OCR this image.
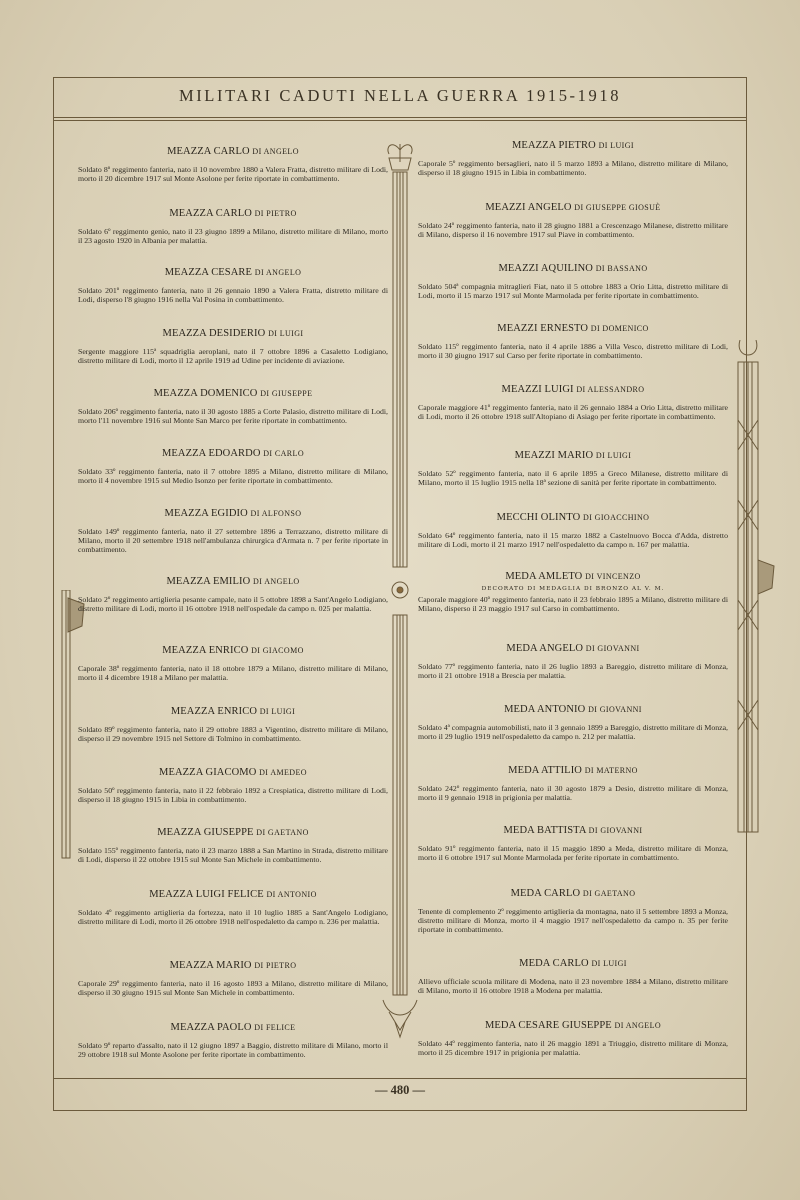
MILITARI CADUTI NELLA GUERRA 1915-1918
MEAZZA CARLO DI ANGELO
Soldato 8º reggimento fanteria, nato il 10 novembre 1880 a Valera Fratta, distretto militare di Lodi, morto il 20 dicembre 1917 sul Monte Asolone per ferite riportate in combattimento.
MEAZZA CARLO DI PIETRO
Soldato 6º reggimento genio, nato il 23 giugno 1899 a Milano, distretto militare di Milano, morto il 23 agosto 1920 in Albania per malattia.
MEAZZA CESARE DI ANGELO
Soldato 201º reggimento fanteria, nato il 26 gennaio 1890 a Valera Fratta, distretto militare di Lodi, disperso l'8 giugno 1916 nella Val Posina in combattimento.
MEAZZA DESIDERIO DI LUIGI
Sergente maggiore 115ª squadriglia aeroplani, nato il 7 ottobre 1896 a Casaletto Lodigiano, distretto militare di Lodi, morto il 12 aprile 1919 ad Udine per incidente di aviazione.
MEAZZA DOMENICO DI GIUSEPPE
Soldato 206º reggimento fanteria, nato il 30 agosto 1885 a Corte Palasio, distretto militare di Lodi, morto l'11 novembre 1916 sul Monte San Marco per ferite riportate in combattimento.
MEAZZA EDOARDO DI CARLO
Soldato 33º reggimento fanteria, nato il 7 ottobre 1895 a Milano, distretto militare di Milano, morto il 4 novembre 1915 sul Medio Isonzo per ferite riportate in combattimento.
MEAZZA EGIDIO DI ALFONSO
Soldato 149º reggimento fanteria, nato il 27 settembre 1896 a Terrazzano, distretto militare di Milano, morto il 20 settembre 1918 nell'ambulanza chirurgica d'Armata n. 7 per ferite riportate in combattimento.
MEAZZA EMILIO DI ANGELO
Soldato 2º reggimento artiglieria pesante campale, nato il 5 ottobre 1898 a Sant'Angelo Lodigiano, distretto militare di Lodi, morto il 16 ottobre 1918 nell'ospedale da campo n. 025 per malattia.
MEAZZA ENRICO DI GIACOMO
Caporale 38º reggimento fanteria, nato il 18 ottobre 1879 a Milano, distretto militare di Milano, morto il 4 dicembre 1918 a Milano per malattia.
MEAZZA ENRICO DI LUIGI
Soldato 89º reggimento fanteria, nato il 29 ottobre 1883 a Vigentino, distretto militare di Milano, disperso il 29 novembre 1915 nel Settore di Tolmino in combattimento.
MEAZZA GIACOMO DI AMEDEO
Soldato 50º reggimento fanteria, nato il 22 febbraio 1892 a Crespiatica, distretto militare di Lodi, disperso il 18 giugno 1915 in Libia in combattimento.
MEAZZA GIUSEPPE DI GAETANO
Soldato 155º reggimento fanteria, nato il 23 marzo 1888 a San Martino in Strada, distretto militare di Lodi, disperso il 22 ottobre 1915 sul Monte San Michele in combattimento.
MEAZZA LUIGI FELICE DI ANTONIO
Soldato 4º reggimento artiglieria da fortezza, nato il 10 luglio 1885 a Sant'Angelo Lodigiano, distretto militare di Lodi, morto il 26 ottobre 1918 nell'ospedaletto da campo n. 236 per malattia.
MEAZZA MARIO DI PIETRO
Caporale 29º reggimento fanteria, nato il 16 agosto 1893 a Milano, distretto militare di Milano, disperso il 30 giugno 1915 sul Monte San Michele in combattimento.
MEAZZA PAOLO DI FELICE
Soldato 9º reparto d'assalto, nato il 12 giugno 1897 a Baggio, distretto militare di Milano, morto il 29 ottobre 1918 sul Monte Asolone per ferite riportate in combattimento.
MEAZZA PIETRO DI LUIGI
Caporale 5º reggimento bersaglieri, nato il 5 marzo 1893 a Milano, distretto militare di Milano, disperso il 18 giugno 1915 in Libia in combattimento.
MEAZZI ANGELO DI GIUSEPPE GIOSUÈ
Soldato 24º reggimento fanteria, nato il 28 giugno 1881 a Crescenzago Milanese, distretto militare di Milano, disperso il 16 novembre 1917 sul Piave in combattimento.
MEAZZI AQUILINO DI BASSANO
Soldato 504ª compagnia mitraglieri Fiat, nato il 5 ottobre 1883 a Orio Litta, distretto militare di Lodi, morto il 15 marzo 1917 sul Monte Marmolada per ferite riportate in combattimento.
MEAZZI ERNESTO DI DOMENICO
Soldato 115º reggimento fanteria, nato il 4 aprile 1886 a Villa Vesco, distretto militare di Lodi, morto il 30 giugno 1917 sul Carso per ferite riportate in combattimento.
MEAZZI LUIGI DI ALESSANDRO
Caporale maggiore 41º reggimento fanteria, nato il 26 gennaio 1884 a Orio Litta, distretto militare di Lodi, morto il 26 ottobre 1918 sull'Altopiano di Asiago per ferite riportate in combattimento.
MEAZZI MARIO DI LUIGI
Soldato 52º reggimento fanteria, nato il 6 aprile 1895 a Greco Milanese, distretto militare di Milano, morto il 15 luglio 1915 nella 18ª sezione di sanità per ferite riportate in combattimento.
MECCHI OLINTO DI GIOACCHINO
Soldato 64º reggimento fanteria, nato il 15 marzo 1882 a Castelnuovo Bocca d'Adda, distretto militare di Lodi, morto il 21 marzo 1917 nell'ospedaletto da campo n. 167 per malattia.
MEDA AMLETO DI VINCENZO
DECORATO DI MEDAGLIA DI BRONZO AL V. M.
Caporale maggiore 40º reggimento fanteria, nato il 23 febbraio 1895 a Milano, distretto militare di Milano, disperso il 23 maggio 1917 sul Carso in combattimento.
MEDA ANGELO DI GIOVANNI
Soldato 77º reggimento fanteria, nato il 26 luglio 1893 a Bareggio, distretto militare di Monza, morto il 21 ottobre 1918 a Brescia per malattia.
MEDA ANTONIO DI GIOVANNI
Soldato 4ª compagnia automobilisti, nato il 3 gennaio 1899 a Bareggio, distretto militare di Monza, morto il 29 luglio 1919 nell'ospedaletto da campo n. 212 per malattia.
MEDA ATTILIO DI MATERNO
Soldato 242º reggimento fanteria, nato il 30 agosto 1879 a Desio, distretto militare di Monza, morto il 9 gennaio 1918 in prigionia per malattia.
MEDA BATTISTA DI GIOVANNI
Soldato 91º reggimento fanteria, nato il 15 maggio 1890 a Meda, distretto militare di Monza, morto il 6 ottobre 1917 sul Monte Marmolada per ferite riportate in combattimento.
MEDA CARLO DI GAETANO
Tenente di complemento 2º reggimento artiglieria da montagna, nato il 5 settembre 1893 a Monza, distretto militare di Monza, morto il 4 maggio 1917 nell'ospedaletto da campo n. 35 per ferite riportate in combattimento.
MEDA CARLO DI LUIGI
Allievo ufficiale scuola militare di Modena, nato il 23 novembre 1884 a Milano, distretto militare di Milano, morto il 16 ottobre 1918 a Modena per malattia.
MEDA CESARE GIUSEPPE DI ANGELO
Soldato 44º reggimento fanteria, nato il 26 maggio 1891 a Triuggio, distretto militare di Monza, morto il 25 dicembre 1917 in prigionia per malattia.
— 480 —
